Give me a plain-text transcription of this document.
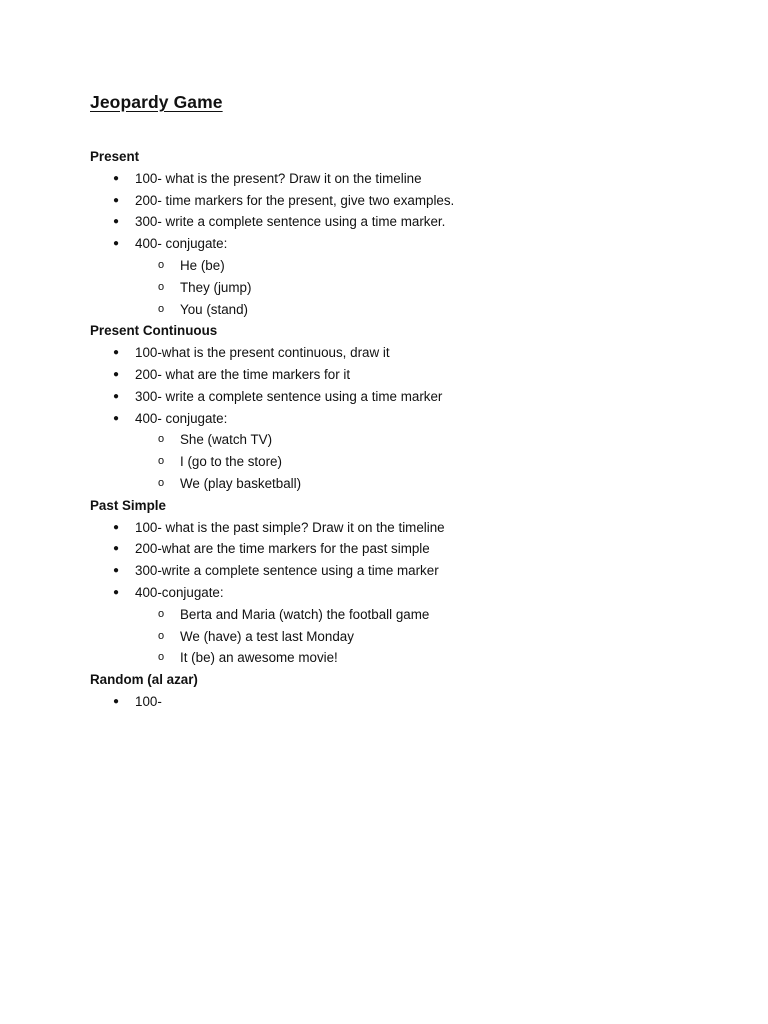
Jeopardy Game
Present
● 100- what is the present? Draw it on the timeline
● 200- time markers for the present, give two examples.
● 300- write a complete sentence using a time marker.
● 400- conjugate:
o He (be)
o They (jump)
o You (stand)
Present Continuous
● 100-what is the present continuous, draw it
● 200- what are the time markers for it
● 300- write a complete sentence using a time marker
● 400- conjugate:
o She (watch TV)
o I (go to the store)
o We (play basketball)
Past Simple
● 100- what is the past simple? Draw it on the timeline
● 200-what are the time markers for the past simple
● 300-write a complete sentence using a time marker
● 400-conjugate:
o Berta and Maria (watch) the football game
o We (have) a test last Monday
o It (be) an awesome movie!
Random (al azar)
● 100-
